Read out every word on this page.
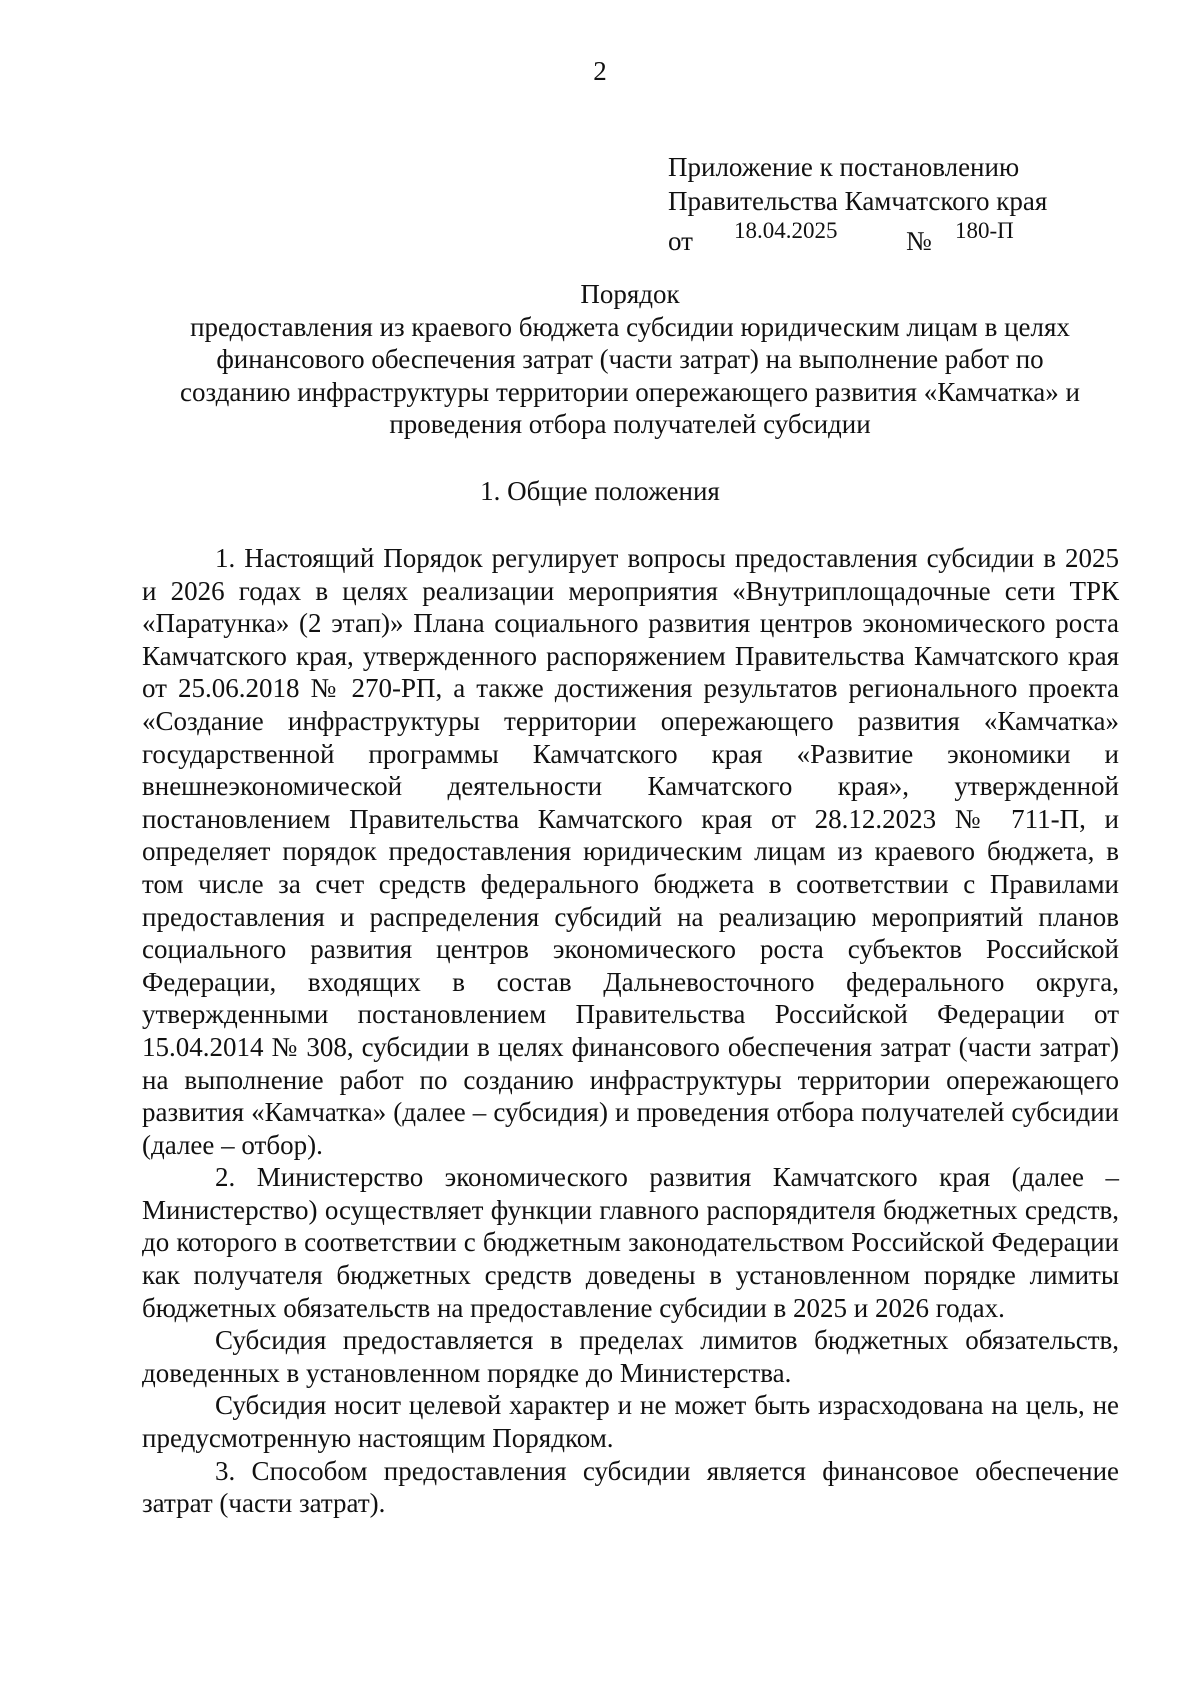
2
Приложение к постановлению
Правительства Камчатского края
от 18.04.2025	№ 180-П
Порядок
предоставления из краевого бюджета субсидии юридическим лицам в целях
финансового обеспечения затрат (части затрат) на выполнение работ по
созданию инфраструктуры территории опережающего развития «Камчатка» и
проведения отбора получателей субсидии
1. Общие положения

1. Настоящий Порядок регулирует вопросы предоставления субсидии в 2025 и 2026 годах в целях реализации мероприятия «Внутриплощадочные сети ТРК «Паратунка» (2 этап)» Плана социального развития центров экономического роста Камчатского края, утвержденного распоряжением Правительства Камчатского края от 25.06.2018 № 270-РП, а также достижения результатов регионального проекта «Создание инфраструктуры территории опережающего развития «Камчатка» государственной программы Камчатского края «Развитие экономики и внешнеэкономической деятельности Камчатского края», утвержденной постановлением Правительства Камчатского края от 28.12.2023 № 711-П, и определяет порядок предоставления юридическим лицам из краевого бюджета, в том числе за счет средств федерального бюджета в соответствии с Правилами предоставления и распределения субсидий на реализацию мероприятий планов социального развития центров экономического роста субъектов Российской Федерации, входящих в состав Дальневосточного федерального округа, утвержденными постановлением Правительства Российской Федерации от 15.04.2014 № 308, субсидии в целях финансового обеспечения затрат (части затрат) на выполнение работ по созданию инфраструктуры территории опережающего развития «Камчатка» (далее – субсидия) и проведения отбора получателей субсидии (далее – отбор).

2. Министерство экономического развития Камчатского края (далее – Министерство) осуществляет функции главного распорядителя бюджетных средств, до которого в соответствии с бюджетным законодательством Российской Федерации как получателя бюджетных средств доведены в установленном порядке лимиты бюджетных обязательств на предоставление субсидии в 2025 и 2026 годах.

Субсидия предоставляется в пределах лимитов бюджетных обязательств, доведенных в установленном порядке до Министерства.

Субсидия носит целевой характер и не может быть израсходована на цель, не предусмотренную настоящим Порядком.

3. Способом предоставления субсидии является финансовое обеспечение затрат (части затрат).
